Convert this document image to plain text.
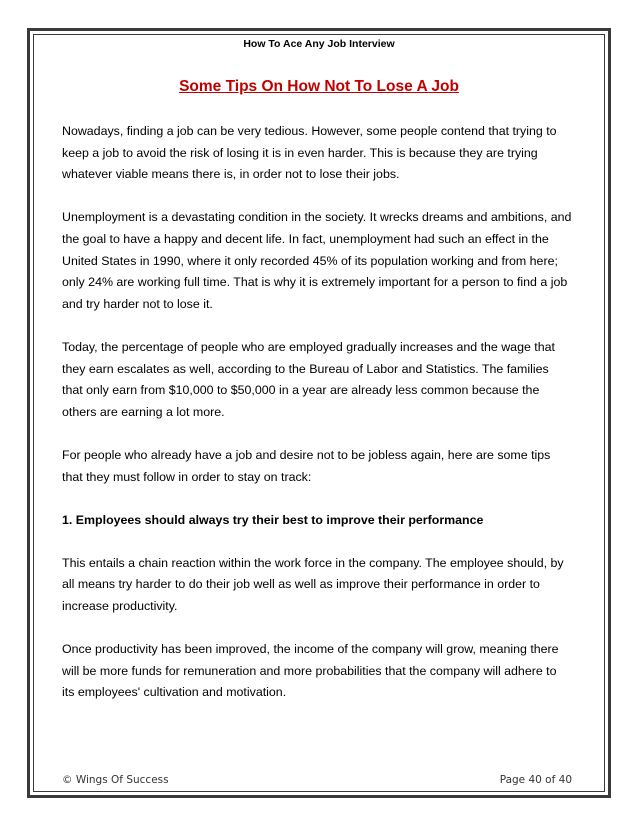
How To Ace Any Job Interview
Some Tips On How Not To Lose A Job

Nowadays, finding a job can be very tedious. However, some people contend that trying to keep a job to avoid the risk of losing it is in even harder. This is because they are trying whatever viable means there is, in order not to lose their jobs.

Unemployment is a devastating condition in the society. It wrecks dreams and ambitions, and the goal to have a happy and decent life. In fact, unemployment had such an effect in the United States in 1990, where it only recorded 45% of its population working and from here; only 24% are working full time. That is why it is extremely important for a person to find a job and try harder not to lose it.

Today, the percentage of people who are employed gradually increases and the wage that they earn escalates as well, according to the Bureau of Labor and Statistics. The families that only earn from $10,000 to $50,000 in a year are already less common because the others are earning a lot more.

For people who already have a job and desire not to be jobless again, here are some tips that they must follow in order to stay on track:

1. Employees should always try their best to improve their performance

This entails a chain reaction within the work force in the company. The employee should, by all means try harder to do their job well as well as improve their performance in order to increase productivity.

Once productivity has been improved, the income of the company will grow, meaning there will be more funds for remuneration and more probabilities that the company will adhere to its employees' cultivation and motivation.

© Wings Of Success	Page 40 of 40
